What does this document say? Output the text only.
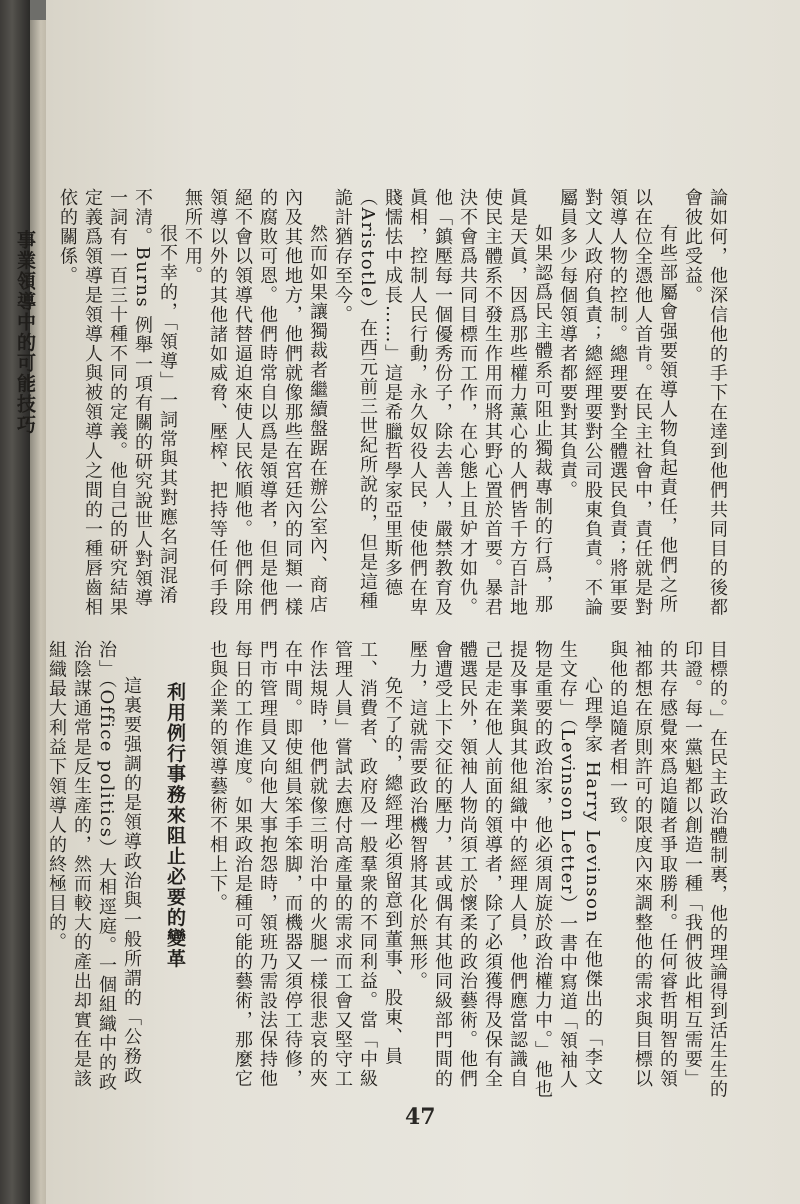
論如何，他深信他的手下在達到他們共同目的後都會彼此受益。

有些部屬會强要領導人物負起責任，他們之所以在位全憑他人首肯。在民主社會中，責任就是對領導人物的控制。總理要對全體選民負責；將軍要對文人政府負責；總經理要對公司股東負責。不論屬員多少每個領導者都要對其負責。

如果認爲民主體系可阻止獨裁專制的行爲，那眞是天眞，因爲那些權力薰心的人們皆千方百計地使民主體系不發生作用而將其野心置於首要。暴君決不會爲共同目標而工作，在心態上且妒才如仇。他「鎮壓每一個優秀份子，除去善人，嚴禁教育及眞相，控制人民行動，永久奴役人民，使他們在卑賤懦怯中成長……」這是希臘哲學家亞里斯多德（Aristotle）在西元前三世紀所說的，但是這種詭計猶存至今。

然而如果讓獨裁者繼續盤踞在辦公室內、商店內及其他地方，他們就像那些在宮廷內的同類一樣的腐敗可恩。他們時常自以爲是領導者，但是他們絕不會以領導代替逼迫來使人民依順他。他們除用領導以外的其他諸如威脅、壓榨、把持等任何手段無所不用。

很不幸的，「領導」一詞常與其對應名詞混淆不清。Burns 例舉一項有關的研究說世人對領導一詞有一百三十種不同的定義。他自己的研究結果定義爲領導是領導人與被領導人之間的一種唇齒相依的關係。

事業領導中的可能技巧

目標的。」在民主政治體制裏，他的理論得到活生生的印證。每一黨魁都以創造一種「我們彼此相互需要」的共存感覺來爲追隨者爭取勝利。任何睿哲明智的領袖都想在原則許可的限度內來調整他的需求與目標以與他的追隨者相一致。

心理學家 Harry Levinson 在他傑出的「李文生文存」（Levinson Letter）一書中寫道「領袖人物是重要的政治家，他必須周旋於政治權力中。」他也提及事業與其他組織中的經理人員，他們應當認識自己是走在他人前面的領導者，除了必須獲得及保有全體選民外，領袖人物尚須工於懷柔的政治藝術。他們會遭受上下交征的壓力，甚或偶有其他同級部門間的壓力，這就需要政治機智將其化於無形。

免不了的，總經理必須留意到董事、股東、員工、消費者、政府及一般羣衆的不同利益。當「中級管理人員」嘗試去應付高產量的需求而工會又堅守工作法規時，他們就像三明治中的火腿一樣很悲哀的夾在中間。即使組員笨手笨脚，而機器又須停工待修，門市管理員又向他大事抱怨時，領班乃需設法保持他每日的工作進度。如果政治是種可能的藝術，那麼它也與企業的領導藝術不相上下。

利用例行事務來阻止必要的變革

這裏要强調的是領導政治與一般所謂的「公務政治」（Office politics）大相逕庭。一個組織中的政治陰謀通常是反生產的，然而較大的產出却實在是該組織最大利益下領導人的終極目的。

47
